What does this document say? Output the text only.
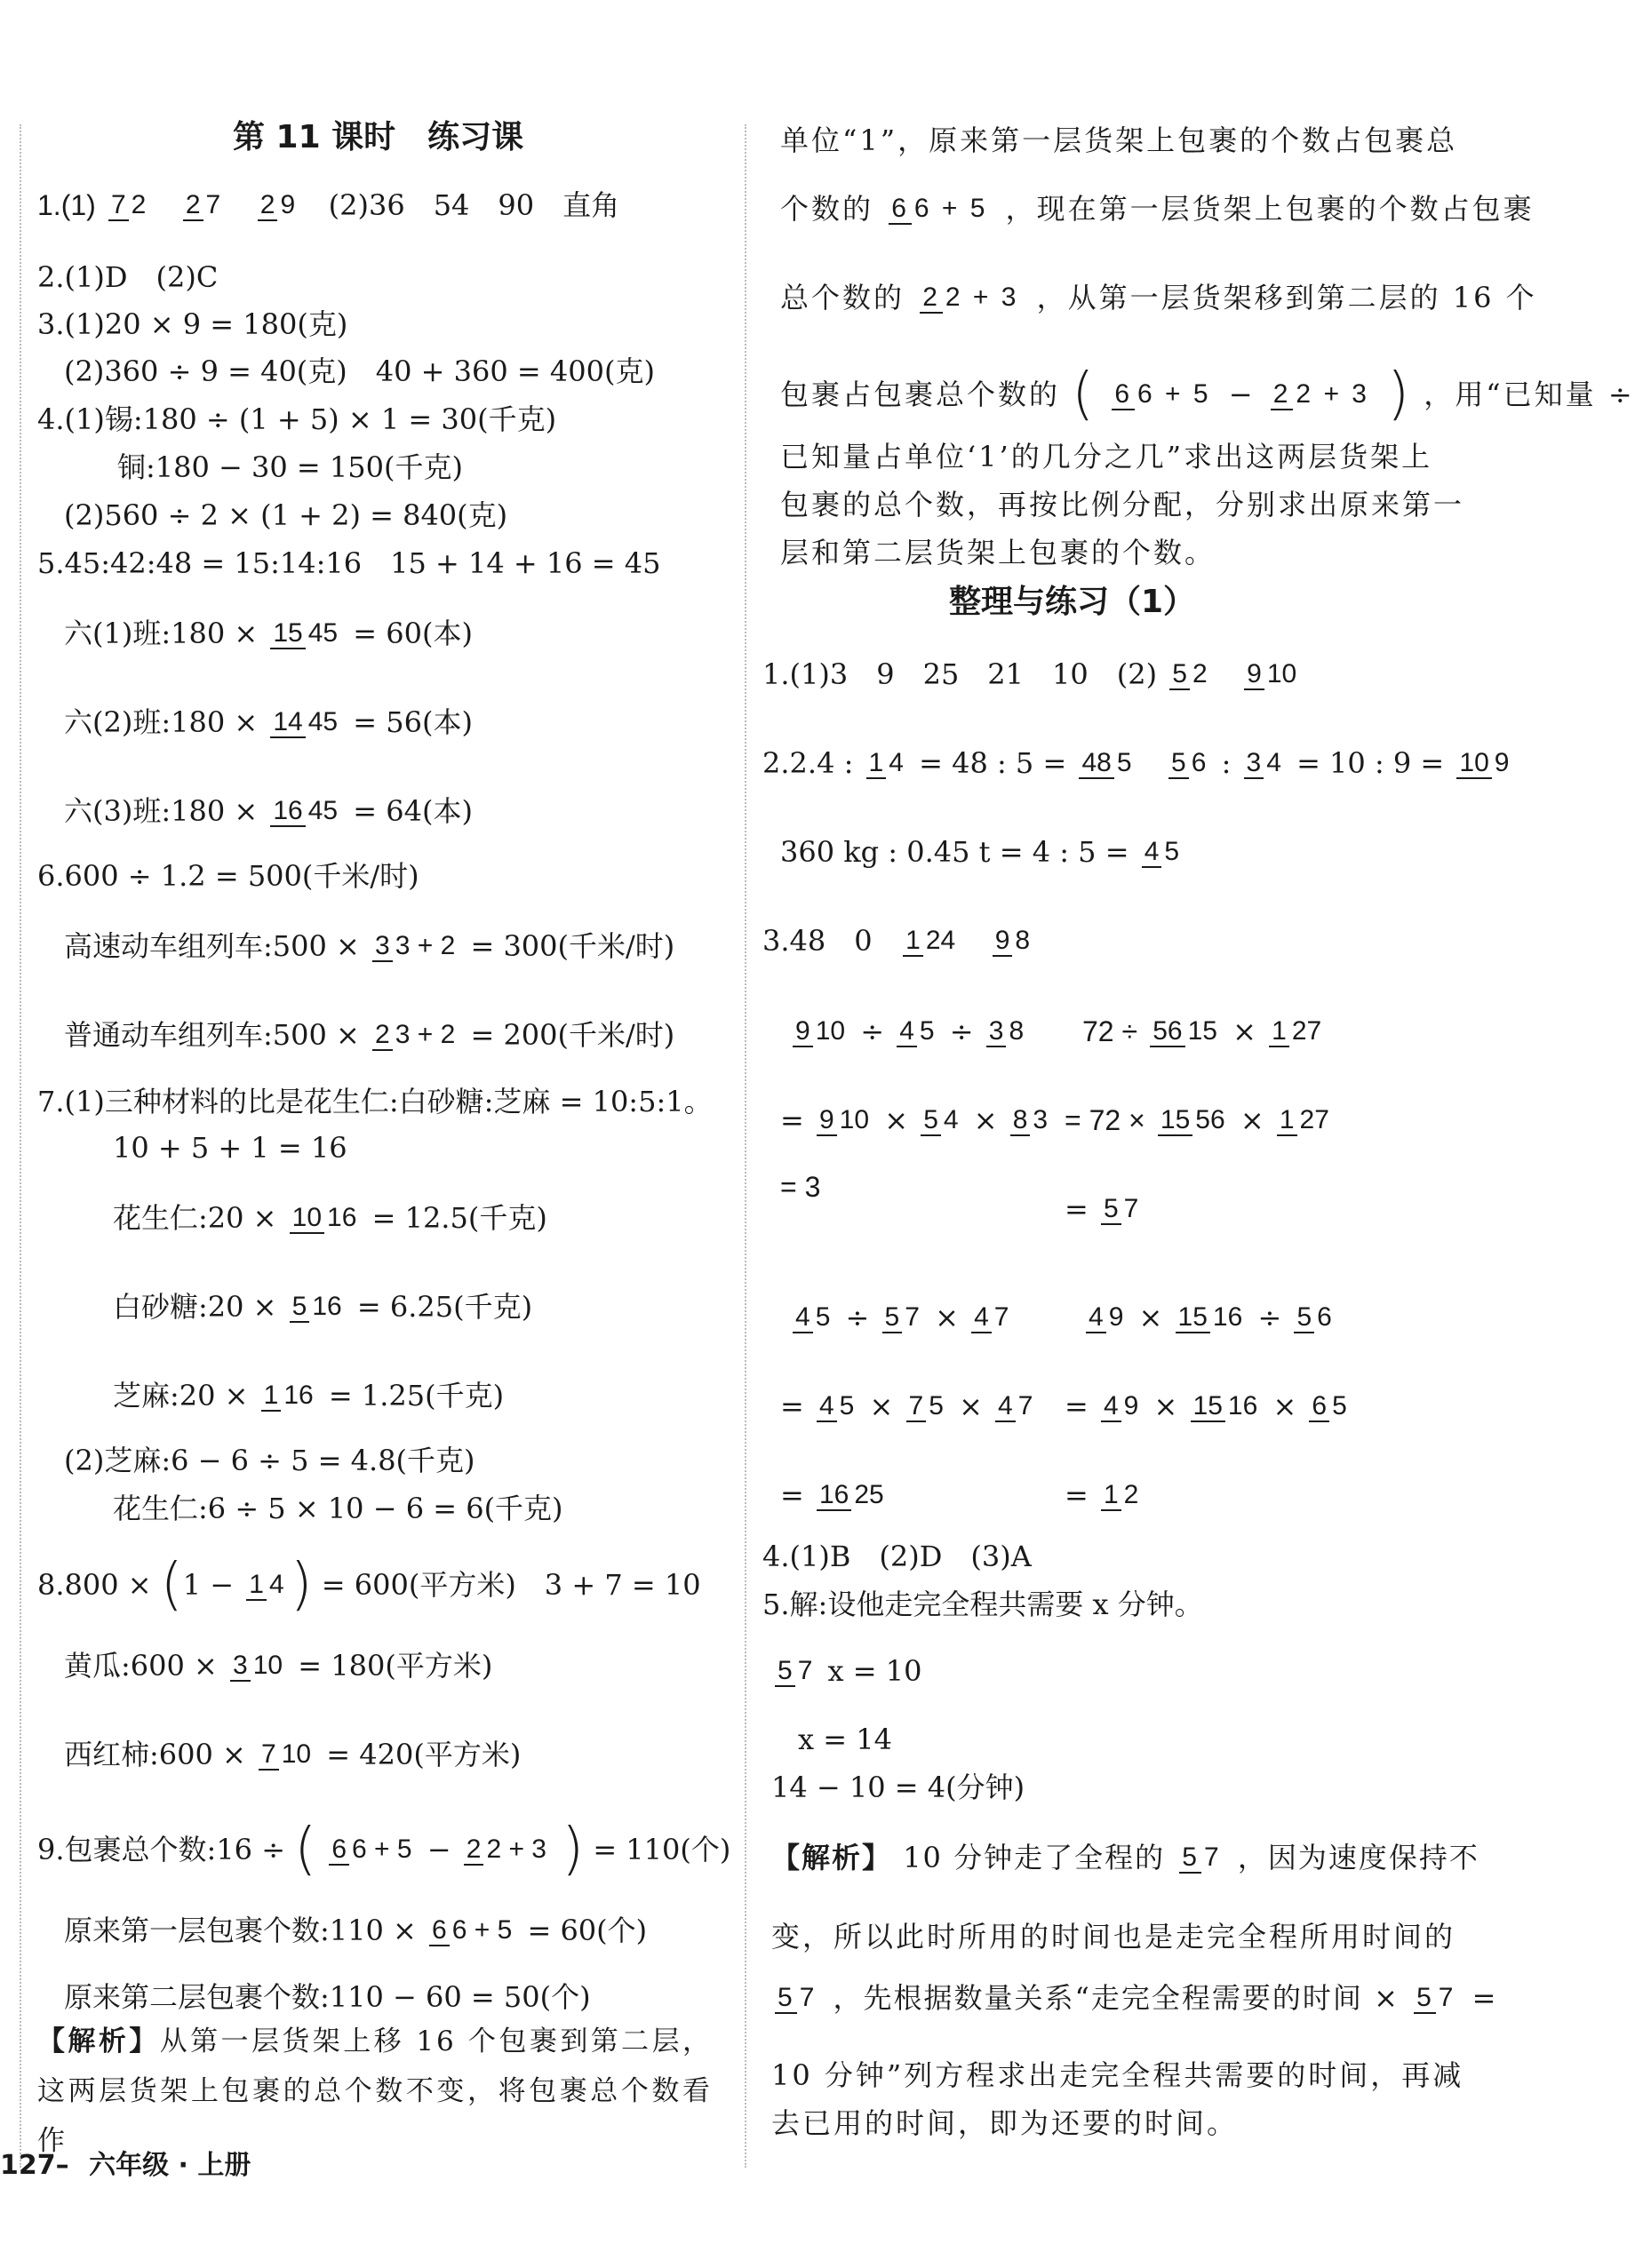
第 11 课时　练习课
1.(1) 7 2 2 7 2 9 (2)36　54　90　直角
2.(1)D　(2)C
3.(1)20 × 9 = 180(克)
(2)360 ÷ 9 = 40(克)　40 + 360 = 400(克)
4.(1)锡:180 ÷ (1 + 5) × 1 = 30(千克)
铜:180 − 30 = 150(千克)
(2)560 ÷ 2 × (1 + 2) = 840(克)
5.45:42:48 = 15:14:16　15 + 14 + 16 = 45
六(1)班:180 × 15 45 = 60(本)
六(2)班:180 × 14 45 = 56(本)
六(3)班:180 × 16 45 = 64(本)
6.600 ÷ 1.2 = 500(千米/时)
高速动车组列车:500 × 3 3 + 2 = 300(千米/时)
普通动车组列车:500 × 2 3 + 2 = 200(千米/时)
7.(1)三种材料的比是花生仁:白砂糖:芝麻 = 10:5:1。
10 + 5 + 1 = 16
花生仁:20 × 10 16 = 12.5(千克)
白砂糖:20 × 5 16 = 6.25(千克)
芝麻:20 × 1 16 = 1.25(千克)
(2)芝麻:6 − 6 ÷ 5 = 4.8(千克)
花生仁:6 ÷ 5 × 10 − 6 = 6(千克)
8.800 × (1 − 1 4 ) = 600(平方米)　3 + 7 = 10
黄瓜:600 × 3 10 = 180(平方米)
西红柿:600 × 7 10 = 420(平方米)
9.包裹总个数:16 ÷ ( 6 6 + 5 − 2 2 + 3 ) = 110(个)
原来第一层包裹个数:110 × 6 6 + 5 = 60(个)
原来第二层包裹个数:110 − 60 = 50(个)
【解析】从第一层货架上移 16 个包裹到第二层，这两层货架上包裹的总个数不变，将包裹总个数看作
单位“1”，原来第一层货架上包裹的个数占包裹总
个数的 6 6 + 5 ，现在第一层货架上包裹的个数占包裹
总个数的 2 2 + 3 ，从第一层货架移到第二层的 16 个
包裹占包裹总个数的 ( 6 6 + 5 − 2 2 + 3 ) ，用“已知量 ÷
已知量占单位‘1’的几分之几”求出这两层货架上
包裹的总个数，再按比例分配，分别求出原来第一
层和第二层货架上包裹的个数。
整理与练习（1）
1.(1)3　9　25　21　10　(2) 5 2 9 10
2.2.4 : 1 4 = 48 : 5 = 48 5 5 6 : 3 4 = 10 : 9 = 10 9
360 kg : 0.45 t = 4 : 5 = 4 5
3.48　0 1 24 9 8
9 10 ÷ 4 5 ÷ 3 8
= 9 10 × 5 4 × 8 3
= 3
72 ÷ 56 15 × 1 27
= 72 × 15 56 × 1 27
= 5 7
4 5 ÷ 5 7 × 4 7
= 4 5 × 7 5 × 4 7
= 16 25
4 9 × 15 16 ÷ 5 6
= 4 9 × 15 16 × 6 5
= 1 2
4.(1)B　(2)D　(3)A
5.解:设他走完全程共需要 x 分钟。
5 7 x = 10
x = 14
14 − 10 = 4(分钟)
【解析】 10 分钟走了全程的 5 7 ，因为速度保持不
变，所以此时所用的时间也是走完全程所用时间的
5 7 ，先根据数量关系“走完全程需要的时间 × 5 7 =
10 分钟”列方程求出走完全程共需要的时间，再减
去已用的时间，即为还要的时间。
127– 六年级 · 上册
